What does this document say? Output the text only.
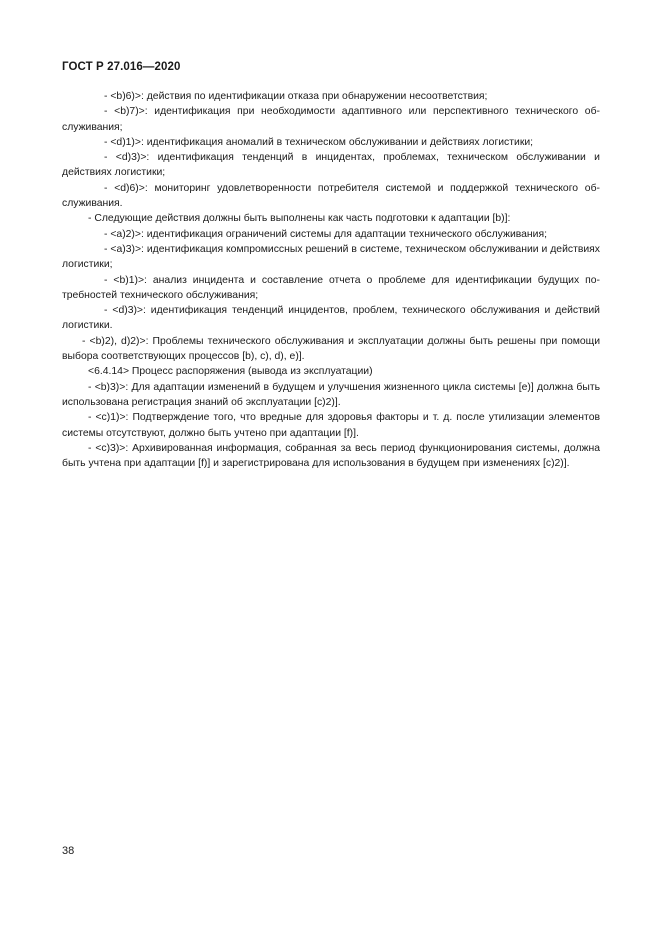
ГОСТ Р 27.016—2020

- <b)6)>: действия по идентификации отказа при обнаружении несоответствия;

- <b)7)>: идентификация при необходимости адаптивного или перспективного технического обслуживания;

- <d)1)>: идентификация аномалий в техническом обслуживании и действиях логистики;

- <d)3)>: идентификация тенденций в инцидентах, проблемах, техническом обслуживании и действиях логистики;

- <d)6)>: мониторинг удовлетворенности потребителя системой и поддержкой технического обслуживания.

- Следующие действия должны быть выполнены как часть подготовки к адаптации [b)]:

- <a)2)>: идентификация ограничений системы для адаптации технического обслуживания;

- <a)3)>: идентификация компромиссных решений в системе, техническом обслуживании и действиях логистики;

- <b)1)>: анализ инцидента и составление отчета о проблеме для идентификации будущих потребностей технического обслуживания;

- <d)3)>: идентификация тенденций инцидентов, проблем, технического обслуживания и действий логистики.

- <b)2), d)2)>: Проблемы технического обслуживания и эксплуатации должны быть решены при помощи выбора соответствующих процессов [b), c), d), e)].

<6.4.14> Процесс распоряжения (вывода из эксплуатации)

- <b)3)>: Для адаптации изменений в будущем и улучшения жизненного цикла системы [e)] должна быть использована регистрация знаний об эксплуатации [c)2)].

- <c)1)>: Подтверждение того, что вредные для здоровья факторы и т. д. после утилизации элементов системы отсутствуют, должно быть учтено при адаптации [f)].

- <c)3)>: Архивированная информация, собранная за весь период функционирования системы, должна быть учтена при адаптации [f)] и зарегистрирована для использования в будущем при изменениях [c)2)].

38
